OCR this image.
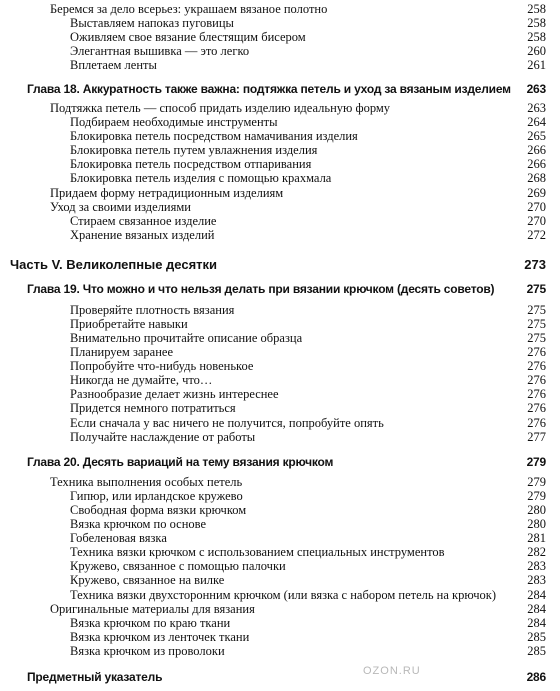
Беремся за дело всерьез: украшаем вязаное полотно	258
Выставляем напоказ пуговицы	258
Оживляем свое вязание блестящим бисером	258
Элегантная вышивка — это легко	260
Вплетаем ленты	261
Глава 18. Аккуратность также важна: подтяжка петель и уход за вязаным изделием 263
Подтяжка петель — способ придать изделию идеальную форму	263
Подбираем необходимые инструменты	264
Блокировка петель посредством намачивания изделия	265
Блокировка петель путем увлажнения изделия	266
Блокировка петель посредством отпаривания	266
Блокировка петель изделия с помощью крахмала	268
Придаем форму нетрадиционным изделиям	269
Уход за своими изделиями	270
Стираем связанное изделие	270
Хранение вязаных изделий	272
Часть V. Великолепные десятки	273
Глава 19. Что можно и что нельзя делать при вязании крючком (десять советов)	275
Проверяйте плотность вязания	275
Приобретайте навыки	275
Внимательно прочитайте описание образца	275
Планируем заранее	276
Попробуйте что-нибудь новенькое	276
Никогда не думайте, что…	276
Разнообразие делает жизнь интереснее	276
Придется немного потратиться	276
Если сначала у вас ничего не получится, попробуйте опять	276
Получайте наслаждение от работы	277
Глава 20. Десять вариаций на тему вязания крючком	279
Техника выполнения особых петель	279
Гипюр, или ирландское кружево	279
Свободная форма вязки крючком	280
Вязка крючком по основе	280
Гобеленовая вязка	281
Техника вязки крючком с использованием специальных инструментов	282
Кружево, связанное с помощью палочки	283
Кружево, связанное на вилке	283
Техника вязки двухсторонним крючком (или вязка с набором петель на крючок) 284
Оригинальные материалы для вязания	284
Вязка крючком по краю ткани	284
Вязка крючком из ленточек ткани	285
Вязка крючком из проволоки	285
Предметный указатель	286
OZON.RU
